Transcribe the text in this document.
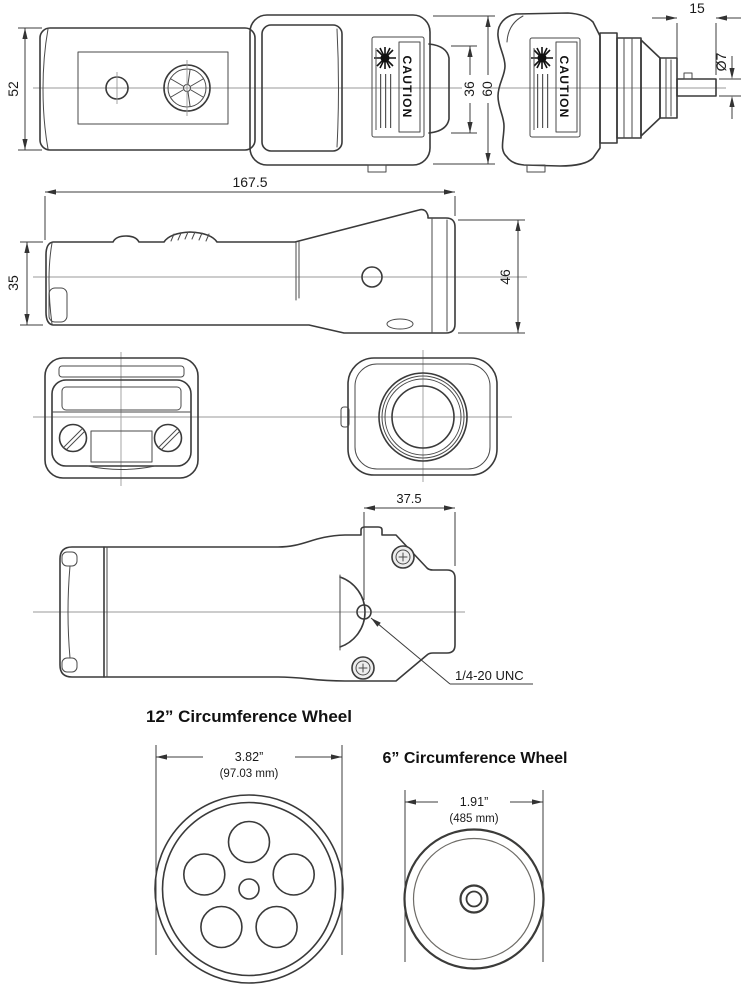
CAUTION
52	36 60	CAUTION
15
Ø7
167.5
35	46
37.5
1/4-20 UNC
12” Circumference Wheel
3.82”
(97.03 mm)
6” Circumference Wheel
1.91”
(485 mm)
